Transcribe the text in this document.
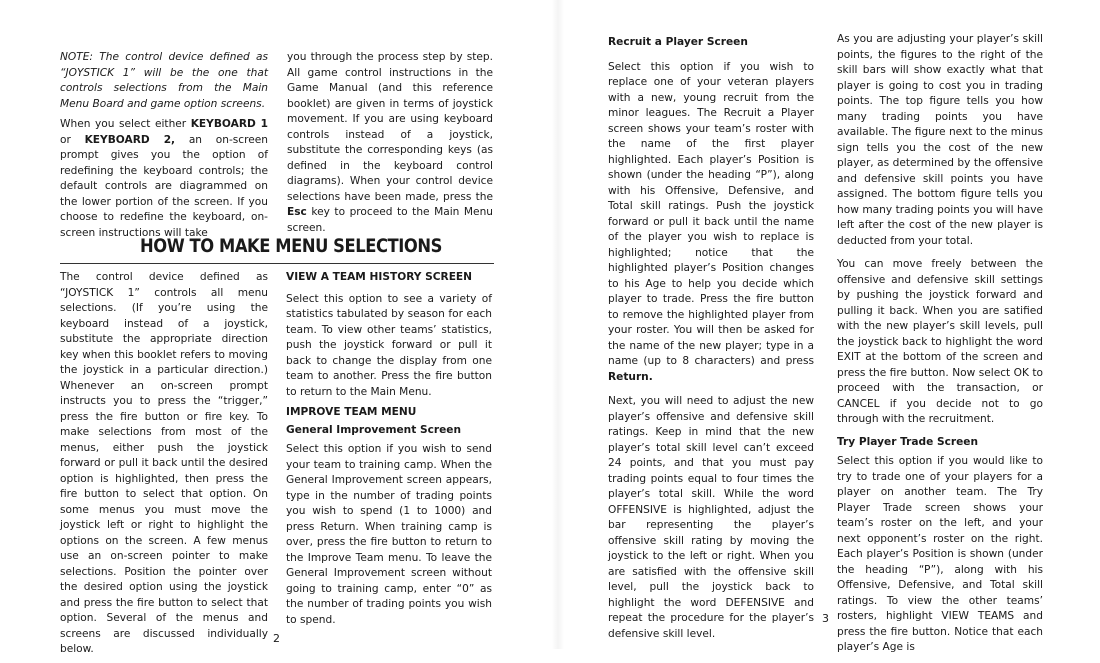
NOTE: The control device defined as “JOYSTICK 1” will be the one that controls selections from the Main Menu Board and game option screens.

When you select either KEYBOARD 1 or KEYBOARD 2, an on-screen prompt gives you the option of redefining the keyboard controls; the default controls are diagrammed on the lower portion of the screen. If you choose to redefine the keyboard, on-screen instructions will take

you through the process step by step. All game control instructions in the Game Manual (and this reference booklet) are given in terms of joystick movement. If you are using keyboard controls instead of a joystick, substitute the corresponding keys (as defined in the keyboard control diagrams). When your control device selections have been made, press the Esc key to proceed to the Main Menu screen.

HOW TO MAKE MENU SELECTIONS

The control device defined as “JOYSTICK 1” controls all menu selections. (If you’re using the keyboard instead of a joystick, substitute the appropriate direction key when this booklet refers to moving the joystick in a particular direction.) Whenever an on-screen prompt instructs you to press the “trigger,” press the fire button or fire key. To make selections from most of the menus, either push the joystick forward or pull it back until the desired option is highlighted, then press the fire button to select that option. On some menus you must move the joystick left or right to highlight the options on the screen. A few menus use an on-screen pointer to make selections. Position the pointer over the desired option using the joystick and press the fire button to select that option. Several of the menus and screens are discussed individually below.

VIEW A TEAM HISTORY SCREEN

Select this option to see a variety of statistics tabulated by season for each team. To view other teams’ statistics, push the joystick forward or pull it back to change the display from one team to another. Press the fire button to return to the Main Menu.

IMPROVE TEAM MENU
General Improvement Screen

Select this option if you wish to send your team to training camp. When the General Improvement screen appears, type in the number of trading points you wish to spend (1 to 1000) and press Return. When training camp is over, press the fire button to return to the Improve Team menu. To leave the General Improvement screen without going to training camp, enter “0” as the number of trading points you wish to spend.

2
Recruit a Player Screen

Select this option if you wish to replace one of your veteran players with a new, young recruit from the minor leagues. The Recruit a Player screen shows your team’s roster with the name of the first player highlighted. Each player’s Position is shown (under the heading “P”), along with his Offensive, Defensive, and Total skill ratings. Push the joystick forward or pull it back until the name of the player you wish to replace is highlighted; notice that the highlighted player’s Position changes to his Age to help you decide which player to trade. Press the fire button to remove the highlighted player from your roster. You will then be asked for the name of the new player; type in a name (up to 8 characters) and press Return.

Next, you will need to adjust the new player’s offensive and defensive skill ratings. Keep in mind that the new player’s total skill level can’t exceed 24 points, and that you must pay trading points equal to four times the player’s total skill. While the word OFFENSIVE is highlighted, adjust the bar representing the player’s offensive skill rating by moving the joystick to the left or right. When you are satisfied with the offensive skill level, pull the joystick back to highlight the word DEFENSIVE and repeat the procedure for the player’s defensive skill level.

As you are adjusting your player’s skill points, the figures to the right of the skill bars will show exactly what that player is going to cost you in trading points. The top figure tells you how many trading points you have available. The figure next to the minus sign tells you the cost of the new player, as determined by the offensive and defensive skill points you have assigned. The bottom figure tells you how many trading points you will have left after the cost of the new player is deducted from your total.

You can move freely between the offensive and defensive skill settings by pushing the joystick forward and pulling it back. When you are satified with the new player’s skill levels, pull the joystick back to highlight the word EXIT at the bottom of the screen and press the fire button. Now select OK to proceed with the transaction, or CANCEL if you decide not to go through with the recruitment.

Try Player Trade Screen

Select this option if you would like to try to trade one of your players for a player on another team. The Try Player Trade screen shows your team’s roster on the left, and your next opponent’s roster on the right. Each player’s Position is shown (under the heading “P”), along with his Offensive, Defensive, and Total skill ratings. To view the other teams’ rosters, highlight VIEW TEAMS and press the fire button. Notice that each player’s Age is

3
